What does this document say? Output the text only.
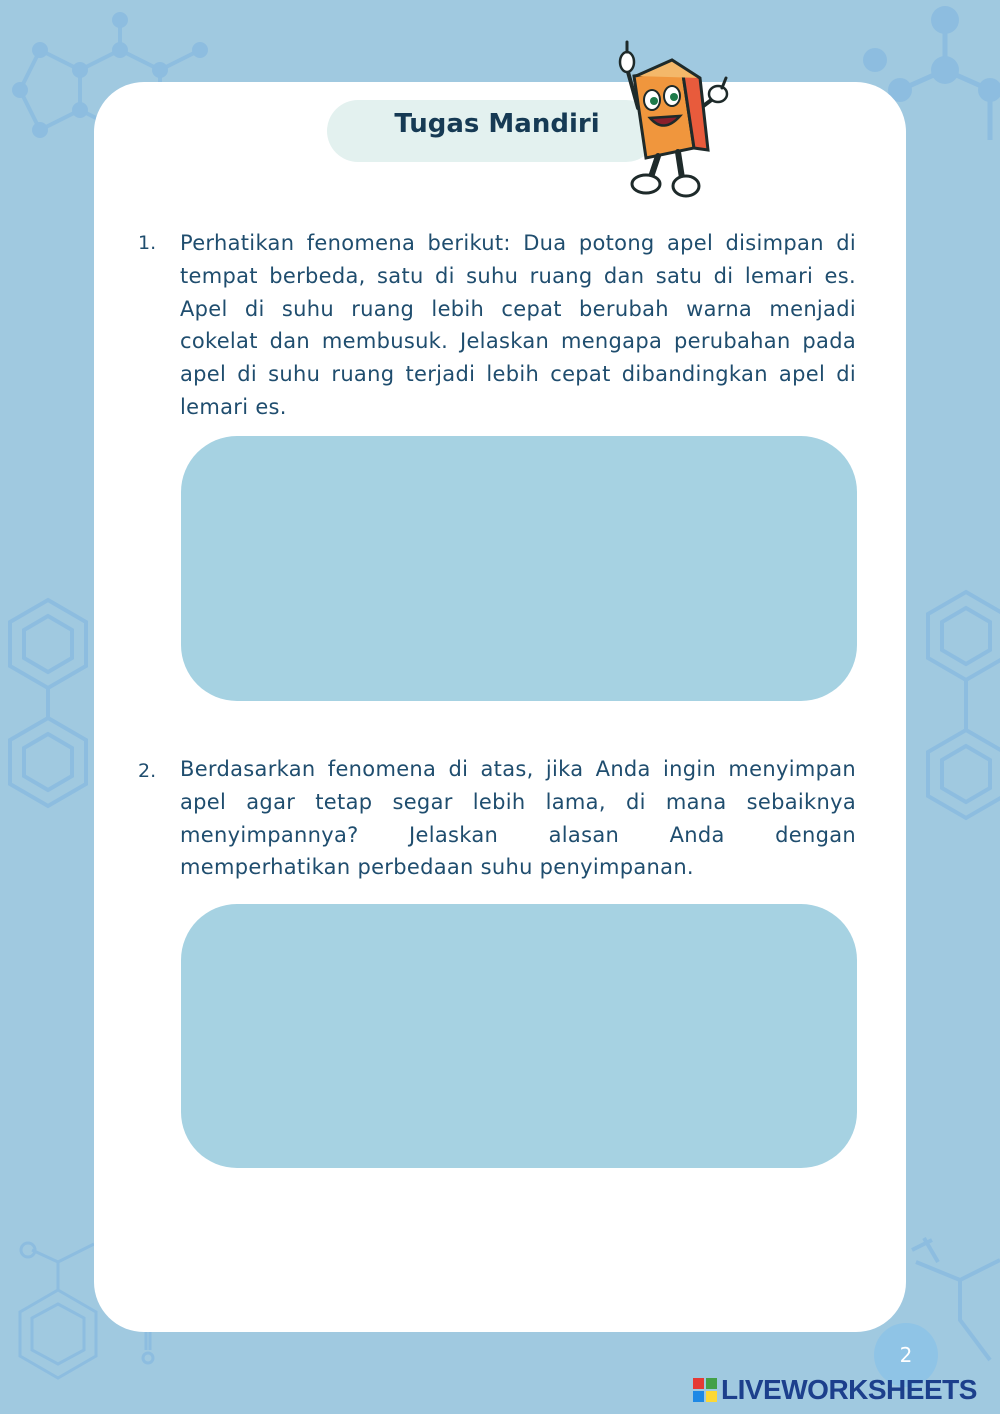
Tugas Mandiri
1.	Perhatikan fenomena berikut: Dua potong apel disimpan di tempat berbeda, satu di suhu ruang dan satu di lemari es. Apel di suhu ruang lebih cepat berubah warna menjadi cokelat dan membusuk. Jelaskan mengapa perubahan pada apel di suhu ruang terjadi lebih cepat dibandingkan apel di lemari es.
2.	Berdasarkan fenomena di atas, jika Anda ingin menyimpan apel agar tetap segar lebih lama, di mana sebaiknya menyimpannya? Jelaskan alasan Anda dengan memperhatikan perbedaan suhu penyimpanan.
2
LIVEWORKSHEETS
